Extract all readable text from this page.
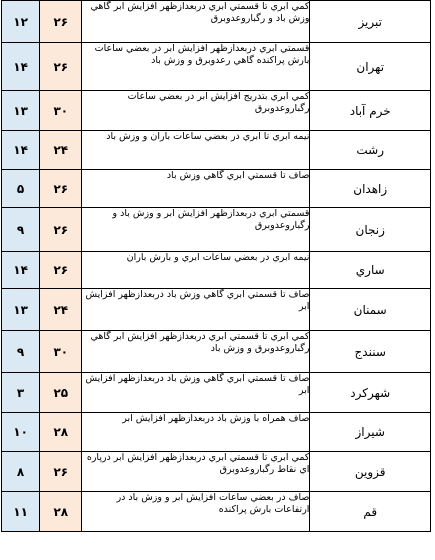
۱۲	۲۶	كمي ابري تا قسمتي ابري دربعدازظهر افزايش ابر گاهي وزش باد و رگباروعدوبرق	تبريز
۱۴	۲۶	قسمتي ابري دربعدازظهر افزايش ابر در بعضي ساعات بارش پراكنده گاهي رعدوبرق و وزش باد	تهران
۱۳	۳۰	كمي ابري بتدريج افزايش ابر در بعضي ساعات رگباروعدوبرق	خرم آباد
۱۴	۲۴	نيمه ابري تا ابري در بعضي ساعات باران و وزش باد	رشت
۵	۲۶	صاف تا قسمتي ابري گاهي وزش باد	زاهدان
۹	۲۶	قسمتي ابري دربعدازظهر افزايش ابر و وزش باد و رگباروعدوبرق	زنجان
۱۴	۲۶	نيمه ابري در بعضي ساعات ابري و بارش باران	ساري
۱۳	۲۴	صاف تا قسمتي ابري گاهي وزش باد دربعدازظهر افزايش ابر	سمنان
۹	۳۰	كمي ابري تا قسمتي ابري دربعدازظهر افزايش ابر گاهي رگباروعدوبرق و وزش باد	سنندج
۳	۲۵	صاف تا قسمتي ابري گاهي وزش باد دربعدازظهر افزايش ابر	شهركرد
۱۰	۲۸	صاف همراه با وزش باد دربعدازظهر افزايش ابر	شيراز
۸	۲۶	كمي ابري تا قسمتي ابري دربعدازظهر افزايش ابر درپاره اي نقاط رگباروعدوبرق	قزوين
۱۱	۲۸	صاف در بعضي ساعات افزايش ابر و وزش باد در ارتفاعات بارش پراكنده	قم
